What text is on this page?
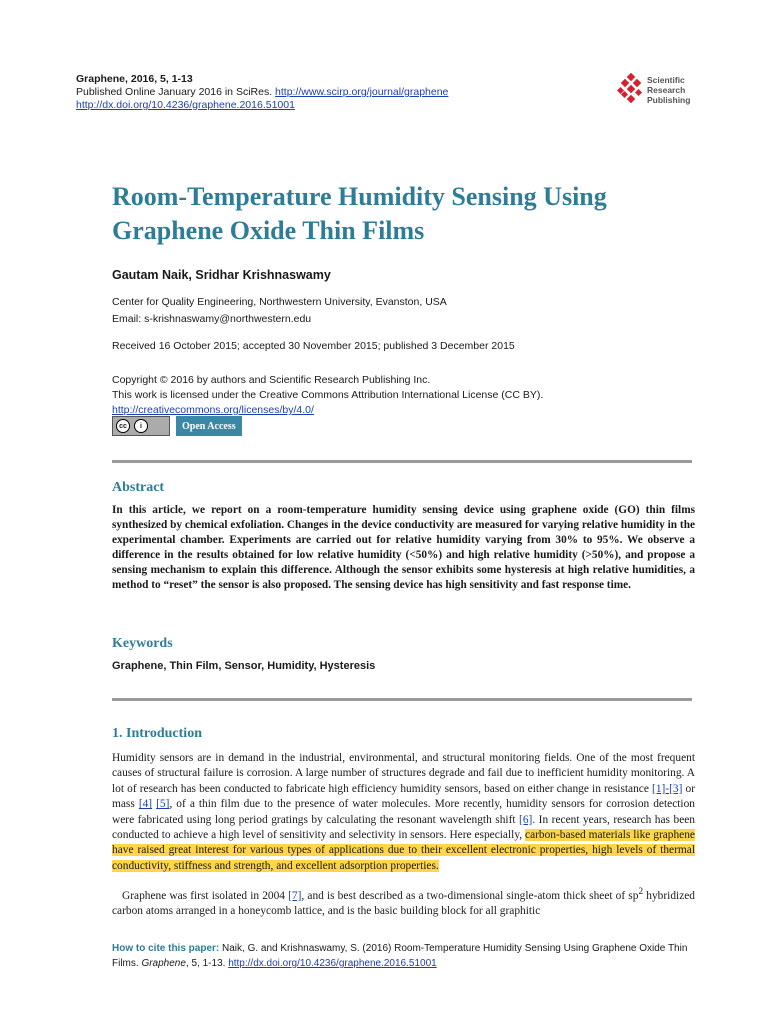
Graphene, 2016, 5, 1-13
Published Online January 2016 in SciRes. http://www.scirp.org/journal/graphene
http://dx.doi.org/10.4236/graphene.2016.51001
Scientific
Research
Publishing
Room-Temperature Humidity Sensing Using Graphene Oxide Thin Films
Gautam Naik, Sridhar Krishnaswamy
Center for Quality Engineering, Northwestern University, Evanston, USA
Email: s-krishnaswamy@northwestern.edu
Received 16 October 2015; accepted 30 November 2015; published 3 December 2015
Copyright © 2016 by authors and Scientific Research Publishing Inc.
This work is licensed under the Creative Commons Attribution International License (CC BY).
http://creativecommons.org/licenses/by/4.0/
cc	i	Open Access
Abstract

In this article, we report on a room-temperature humidity sensing device using graphene oxide (GO) thin films synthesized by chemical exfoliation. Changes in the device conductivity are measured for varying relative humidity in the experimental chamber. Experiments are carried out for relative humidity varying from 30% to 95%. We observe a difference in the results obtained for low relative humidity (<50%) and high relative humidity (>50%), and propose a sensing mechanism to explain this difference. Although the sensor exhibits some hysteresis at high relative humidities, a method to “reset” the sensor is also proposed. The sensing device has high sensitivity and fast response time.

Keywords
Graphene, Thin Film, Sensor, Humidity, Hysteresis
1. Introduction

Humidity sensors are in demand in the industrial, environmental, and structural monitoring fields. One of the most frequent causes of structural failure is corrosion. A large number of structures degrade and fail due to inefficient humidity monitoring. A lot of research has been conducted to fabricate high efficiency humidity sensors, based on either change in resistance [1]-[3] or mass [4] [5], of a thin film due to the presence of water molecules. More recently, humidity sensors for corrosion detection were fabricated using long period gratings by calculating the resonant wavelength shift [6]. In recent years, research has been conducted to achieve a high level of sensitivity and selectivity in sensors. Here especially, carbon-based materials like graphene have raised great interest for various types of applications due to their excellent electronic properties, high levels of thermal conductivity, stiffness and strength, and excellent adsorption properties.

Graphene was first isolated in 2004 [7], and is best described as a two-dimensional single-atom thick sheet of $sp^2$ hybridized carbon atoms arranged in a honeycomb lattice, and is the basic building block for all graphitic

How to cite this paper: Naik, G. and Krishnaswamy, S. (2016) Room-Temperature Humidity Sensing Using Graphene Oxide Thin Films. Graphene, 5, 1-13. http://dx.doi.org/10.4236/graphene.2016.51001
